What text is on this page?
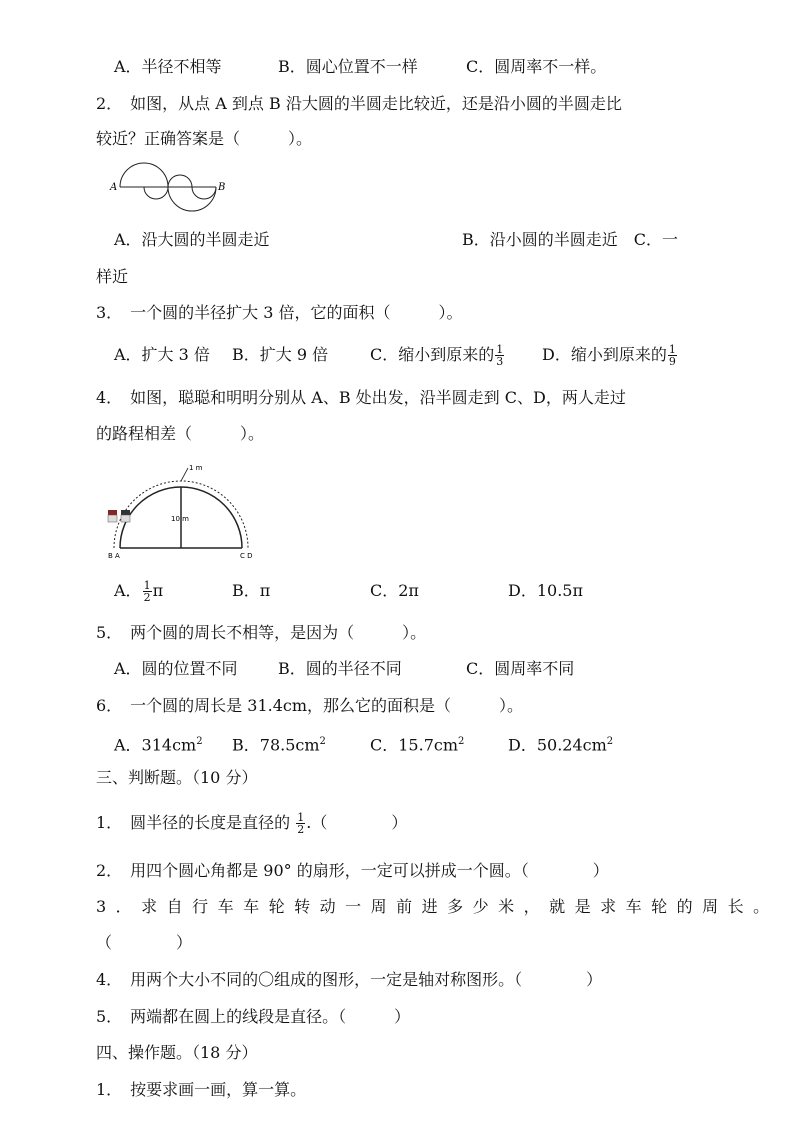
A．半径不相等	B．圆心位置不一样	C．圆周率不一样。
2．　如图，从点 A 到点 B 沿大圆的半圆走比较近，还是沿小圆的半圆走比
较近？正确答案是（　　　）。
A	B
A．沿大圆的半圆走近	B．沿小圆的半圆走近　C．一
样近
3．　一个圆的半径扩大 3 倍，它的面积（　　　）。
A．扩大 3 倍 B．扩大 9 倍	C．缩小到原来的 $\frac{1}{3}$ D．缩小到原来的 $\frac{1}{9}$
4．　如图，聪聪和明明分别从 A、B 处出发，沿半圆走到 C、D，两人走过
的路程相差（　　　）。
1 m
10 m
B A	C D
A． $\frac{1}{2}$ π	B．π	C．2π	D．10.5π
5．　两个圆的周长不相等，是因为（　　　）。
A．圆的位置不同	B．圆的半径不同	C．圆周率不同
6．　一个圆的周长是 31.4cm，那么它的面积是（　　　）。
A．$314cm^2$ B．$78.5cm^2$	C．$15.7cm^2$	D．$50.24cm^2$
三、判断题。（10 分）
1．　圆半径的长度是直径的 $\frac{1}{2}$ .（　　　　）
2．　用四个圆心角都是 90° 的扇形，一定可以拼成一个圆。（　　　　）
3．求自行车车轮转动一周前进多少米，就是求车轮的周长。
（　　　　）
4．　用两个大小不同的〇组成的图形，一定是轴对称图形。（　　　　）
5．　两端都在圆上的线段是直径。（　　　）
四、操作题。（18 分）
1．　按要求画一画，算一算。
